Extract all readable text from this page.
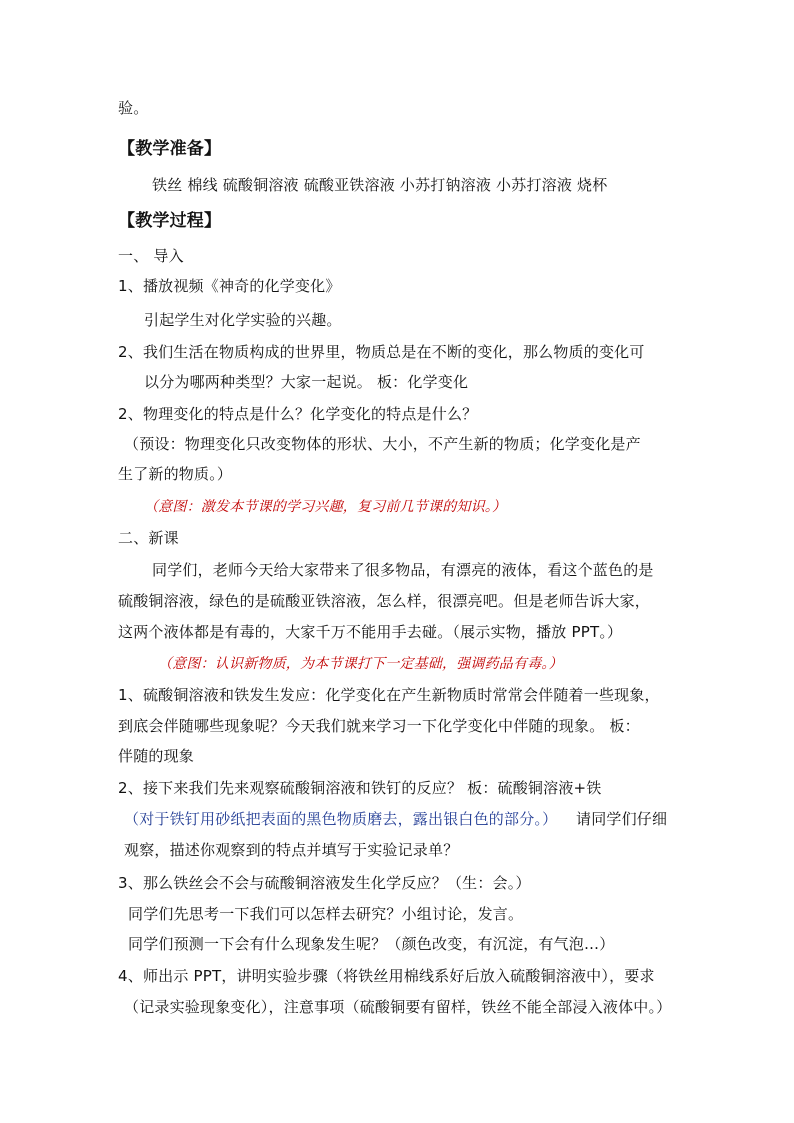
验。
【教学准备】
铁丝 棉线 硫酸铜溶液 硫酸亚铁溶液 小苏打钠溶液 小苏打溶液 烧杯
【教学过程】
一、 导入
1、播放视频《神奇的化学变化》
引起学生对化学实验的兴趣。
2、我们生活在物质构成的世界里，物质总是在不断的变化，那么物质的变化可
以分为哪两种类型？大家一起说。 板：化学变化
2、物理变化的特点是什么？化学变化的特点是什么？
（预设：物理变化只改变物体的形状、大小，不产生新的物质；化学变化是产
生了新的物质。）
（意图：激发本节课的学习兴趣，复习前几节课的知识。）
二、新课
同学们，老师今天给大家带来了很多物品，有漂亮的液体，看这个蓝色的是
硫酸铜溶液，绿色的是硫酸亚铁溶液，怎么样，很漂亮吧。但是老师告诉大家，
这两个液体都是有毒的，大家千万不能用手去碰。（展示实物，播放 PPT。）
（意图：认识新物质，为本节课打下一定基础，强调药品有毒。）
1、硫酸铜溶液和铁发生发应：化学变化在产生新物质时常常会伴随着一些现象，
到底会伴随哪些现象呢？今天我们就来学习一下化学变化中伴随的现象。 板：
伴随的现象
2、接下来我们先来观察硫酸铜溶液和铁钉的反应？ 板：硫酸铜溶液+铁
（对于铁钉用砂纸把表面的黑色物质磨去，露出银白色的部分。） 请同学们仔细
观察，描述你观察到的特点并填写于实验记录单？
3、那么铁丝会不会与硫酸铜溶液发生化学反应？（生：会。）
同学们先思考一下我们可以怎样去研究？小组讨论，发言。
同学们预测一下会有什么现象发生呢？（颜色改变，有沉淀，有气泡…）
4、师出示 PPT，讲明实验步骤（将铁丝用棉线系好后放入硫酸铜溶液中），要求
（记录实验现象变化），注意事项（硫酸铜要有留样，铁丝不能全部浸入液体中。）
